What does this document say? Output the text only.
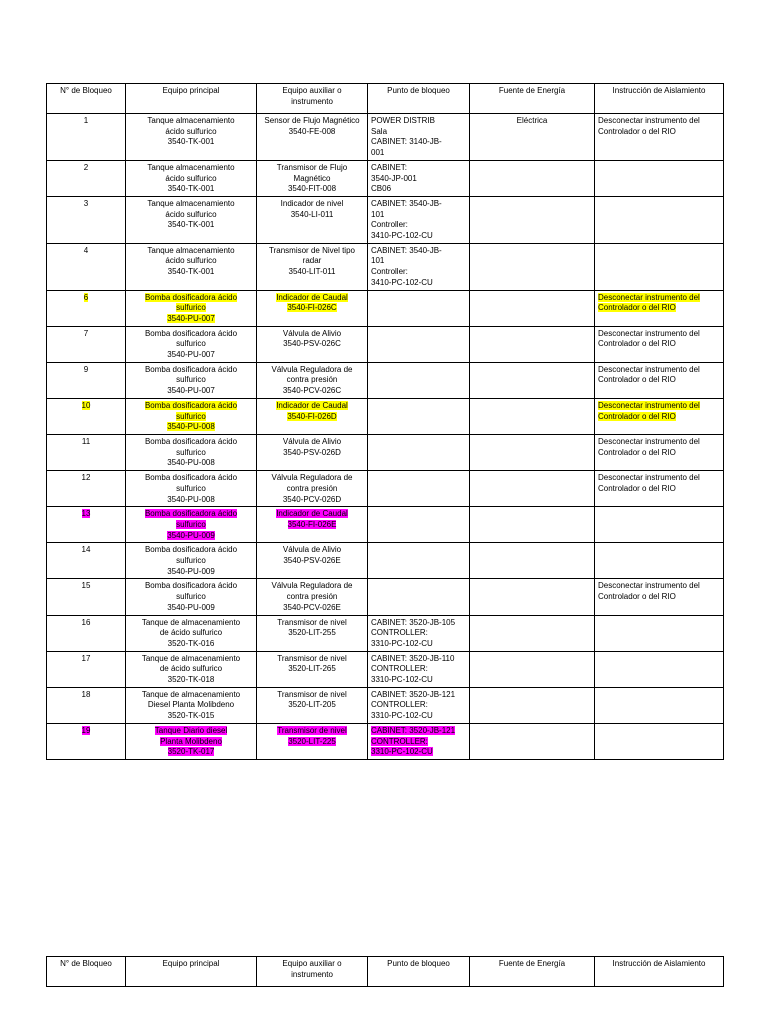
N° de Bloqueo	Equipo principal	Equipo auxiliar o
instrumento	Punto de bloqueo	Fuente de Energía	Instrucción de Aislamiento
1	Tanque almacenamiento
ácido sulfurico
3540-TK-001	Sensor de Flujo Magnético
3540-FE-008	POWER DISTRIB
Sala
CABINET: 3140-JB-
001	Eléctrica	Desconectar instrumento del
Controlador o del RIO
2	Tanque almacenamiento
ácido sulfurico
3540-TK-001	Transmisor de Flujo
Magnético
3540-FIT-008	CABINET:
3540-JP-001
CB06		
3	Tanque almacenamiento
ácido sulfurico
3540-TK-001	Indicador de nivel
3540-LI-011	CABINET: 3540-JB-
101
Controller:
3410-PC-102-CU		
4	Tanque almacenamiento
ácido sulfurico
3540-TK-001	Transmisor de Nivel tipo
radar
3540-LIT-011	CABINET: 3540-JB-
101
Controller:
3410-PC-102-CU		
6	Bomba dosificadora ácido
sulfurico
3540-PU-007	Indicador de Caudal
3540-FI-026C			Desconectar instrumento del
Controlador o del RIO
7	Bomba dosificadora ácido
sulfurico
3540-PU-007	Válvula de Alivio
3540-PSV-026C			Desconectar instrumento del
Controlador o del RIO
9	Bomba dosificadora ácido
sulfurico
3540-PU-007	Válvula Reguladora de
contra presión
3540-PCV-026C			Desconectar instrumento del
Controlador o del RIO
10	Bomba dosificadora ácido
sulfurico
3540-PU-008	Indicador de Caudal
3540-FI-026D			Desconectar instrumento del
Controlador o del RIO
11	Bomba dosificadora ácido
sulfurico
3540-PU-008	Válvula de Alivio
3540-PSV-026D			Desconectar instrumento del
Controlador o del RIO
12	Bomba dosificadora ácido
sulfurico
3540-PU-008	Válvula Reguladora de
contra presión
3540-PCV-026D			Desconectar instrumento del
Controlador o del RIO
13	Bomba dosificadora ácido
sulfurico
3540-PU-009	Indicador de Caudal
3540-FI-026E			
14	Bomba dosificadora ácido
sulfurico
3540-PU-009	Válvula de Alivio
3540-PSV-026E			
15	Bomba dosificadora ácido
sulfurico
3540-PU-009	Válvula Reguladora de
contra presión
3540-PCV-026E			Desconectar instrumento del
Controlador o del RIO
16	Tanque de almacenamiento
de ácido sulfurico
3520-TK-016	Transmisor de nivel
3520-LIT-255	CABINET: 3520-JB-105
CONTROLLER:
3310-PC-102-CU		
17	Tanque de almacenamiento
de ácido sulfurico
3520-TK-018	Transmisor de nivel
3520-LIT-265	CABINET: 3520-JB-110
CONTROLLER:
3310-PC-102-CU		
18	Tanque de almacenamiento
Diesel Planta Molibdeno
3520-TK-015	Transmisor de nivel
3520-LIT-205	CABINET: 3520-JB-121
CONTROLLER:
3310-PC-102-CU		
19	Tanque Diario diesel
Planta Molibdeno
3520-TK-017	Transmisor de nivel
3520-LIT-225	CABINET: 3520-JB-121
CONTROLLER:
3310-PC-102-CU		
N° de Bloqueo	Equipo principal	Equipo auxiliar o
instrumento	Punto de bloqueo	Fuente de Energía	Instrucción de Aislamiento
